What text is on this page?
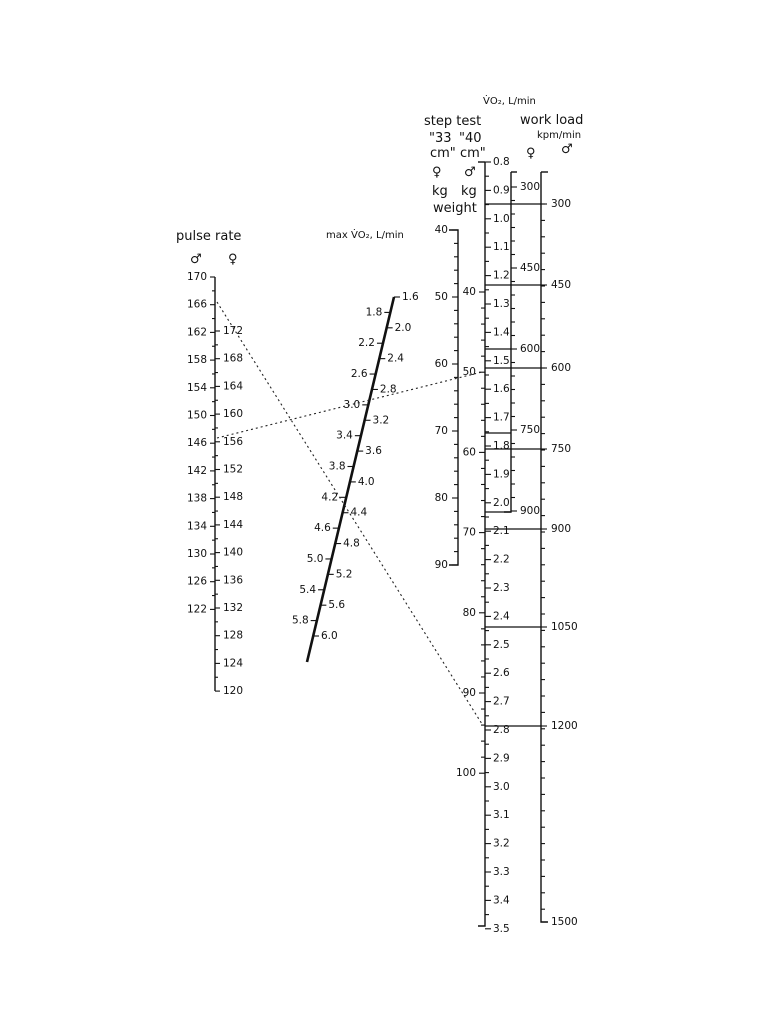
pulse rate
♂ ♀
max V̇O₂, L/min
V̇O₂, L/min
step test
"33 "40
cm" cm"
♀ ♂
kg kg
weight
work load
kpm/min
♀ ♂
170
166
162
158
154
150
146
142
138
134
130
126
122
172
168
164
160
156
152
148
144
140
136
132
128
124
120
1.8
2.2
2.6
3.0
3.4
3.8
4.2
4.6
5.0
5.4
5.8
1.6
2.0
2.4
2.8
3.2
3.6
4.0
4.4
4.8
5.2
5.6
6.0
40
50
60
70
80
90
40
50
60
70
80
90
100
0.8
0.9
1.0
1.1
1.2
1.3
1.4
1.5
1.6
1.7
1.8
1.9
2.0
2.1
2.2
2.3
2.4
2.5
2.6
2.7
2.8
2.9
3.0
3.1
3.2
3.3
3.4
3.5
300
450
600
750
900
300
450
600
750
900
1050
1200
1500
